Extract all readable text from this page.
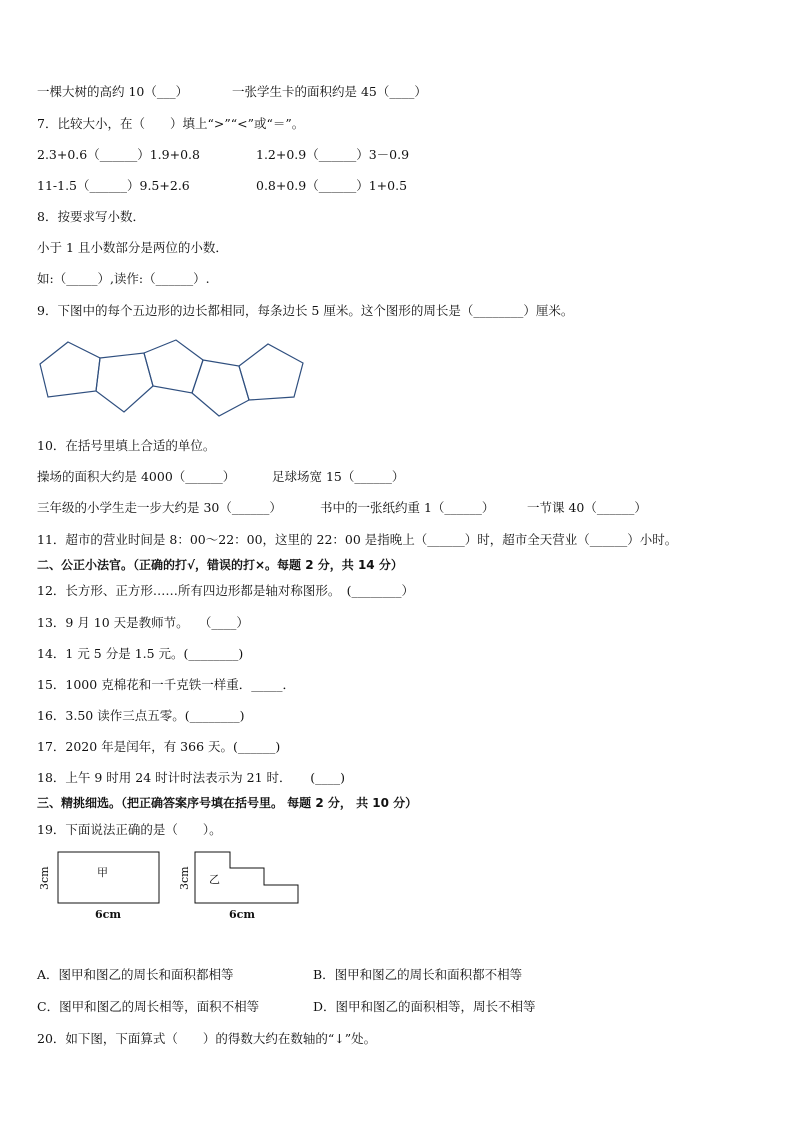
一棵大树的高约 10（___）	一张学生卡的面积约是 45（____）
7．比较大小，在（　　）填上“>”“<”或“＝”。
2.3+0.6（______）1.9+0.8	1.2+0.9（______）3－0.9
11-1.5（______）9.5+2.6	0.8+0.9（______）1+0.5
8．按要求写小数．
小于 1 且小数部分是两位的小数．
如:（_____）,读作:（______）.
9．下图中的每个五边形的边长都相同，每条边长 5 厘米。这个图形的周长是（________）厘米。
10．在括号里填上合适的单位。
操场的面积大约是 4000（______）	足球场宽 15（______）
三年级的小学生走一步大约是 30（______）	书中的一张纸约重 1（______）	一节课 40（______）
11．超市的营业时间是 8：00～22：00，这里的 22：00 是指晚上（______）时，超市全天营业（______）小时。
二、公正小法官。（正确的打√，错误的打×。每题 2 分，共 14 分）
12．长方形、正方形……所有四边形都是轴对称图形。　(________）
13．9 月 10 天是教师节。　 （____）
14．1 元 5 分是 1.5 元。(________)
15．1000 克棉花和一千克铁一样重．_____．
16．3.50 读作三点五零。(________)
17．2020 年是闰年，有 366 天。(______)
18．上午 9 时用 24 时计时法表示为 21 时．　　(____)
三、精挑细选。（把正确答案序号填在括号里。 每题 2 分， 共 10 分）
19．下面说法正确的是（　　）。
甲
3cm
6cm
乙
3cm
6cm
A．图甲和图乙的周长和面积都相等	B．图甲和图乙的周长和面积都不相等
C．图甲和图乙的周长相等，面积不相等	D．图甲和图乙的面积相等，周长不相等
20．如下图，下面算式（　　）的得数大约在数轴的“↓”处。
